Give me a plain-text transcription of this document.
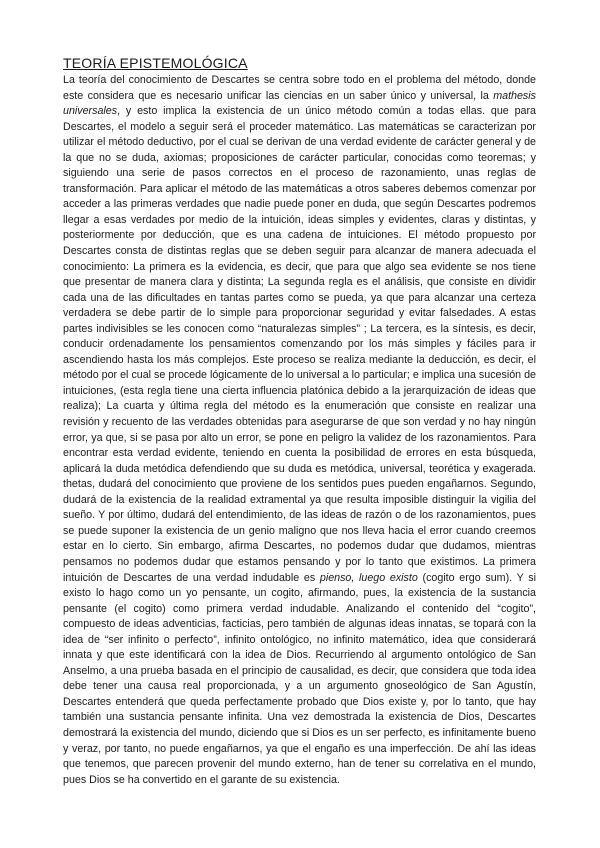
TEORÍA EPISTEMOLÓGICA

La teoría del conocimiento de Descartes se centra sobre todo en el problema del método, donde este considera que es necesario unificar las ciencias en un saber único y universal, la mathesis universales, y esto implica la existencia de un único método común a todas ellas. que para Descartes, el modelo a seguir será el proceder matemático. Las matemáticas se caracterizan por utilizar el método deductivo, por el cual se derivan de una verdad evidente de carácter general y de la que no se duda, axiomas; proposiciones de carácter particular, conocidas como teoremas; y siguiendo una serie de pasos correctos en el proceso de razonamiento, unas reglas de transformación. Para aplicar el método de las matemáticas a otros saberes debemos comenzar por acceder a las primeras verdades que nadie puede poner en duda, que según Descartes podremos llegar a esas verdades por medio de la intuición, ideas simples y evidentes, claras y distintas, y posteriormente por deducción, que es una cadena de intuiciones. El método propuesto por Descartes consta de distintas reglas que se deben seguir para alcanzar de manera adecuada el conocimiento: La primera es la evidencia, es decir, que para que algo sea evidente se nos tiene que presentar de manera clara y distinta; La segunda regla es el análisis, que consiste en dividir cada una de las dificultades en tantas partes como se pueda, ya que para alcanzar una certeza verdadera se debe partir de lo simple para proporcionar seguridad y evitar falsedades. A estas partes indivisibles se les conocen como “naturalezas simples” ; La tercera, es la síntesis, es decir, conducir ordenadamente los pensamientos comenzando por los más simples y fáciles para ir ascendiendo hasta los más complejos. Este proceso se realiza mediante la deducción, es decir, el método por el cual se procede lógicamente de lo universal a lo particular; e implica una sucesión de intuiciones, (esta regla tiene una cierta influencia platónica debido a la jerarquización de ideas que realiza); La cuarta y última regla del método es la enumeración que consiste en realizar una revisión y recuento de las verdades obtenidas para asegurarse de que son verdad y no hay ningún error, ya que, si se pasa por alto un error, se pone en peligro la validez de los razonamientos. Para encontrar esta verdad evidente, teniendo en cuenta la posibilidad de errores en esta búsqueda, aplicará la duda metódica defendiendo que su duda es metódica, universal, teorética y exagerada. thetas, dudará del conocimiento que proviene de los sentidos pues pueden engañarnos. Segundo, dudará de la existencia de la realidad extramental ya que resulta imposible distinguir la vigilia del sueño. Y por último, dudará del entendimiento, de las ideas de razón o de los razonamientos, pues se puede suponer la existencia de un genio maligno que nos lleva hacia el error cuando creemos estar en lo cierto. Sin embargo, afirma Descartes, no podemos dudar que dudamos, mientras pensamos no podemos dudar que estamos pensando y por lo tanto que existimos. La primera intuición de Descartes de una verdad indudable es pienso, luego existo (cogito ergo sum). Y si existo lo hago como un yo pensante, un cogito, afirmando, pues, la existencia de la sustancia pensante (el cogito) como primera verdad indudable. Analizando el contenido del “cogito”, compuesto de ideas adventicias, facticias, pero también de algunas ideas innatas, se topará con la idea de “ser infinito o perfecto”, infinito ontológico, no infinito matemático, idea que considerará innata y que este identificará con la idea de Dios. Recurriendo al argumento ontológico de San Anselmo, a una prueba basada en el principio de causalidad, es decir, que considera que toda idea debe tener una causa real proporcionada, y a un argumento gnoseológico de San Agustín, Descartes entenderá que queda perfectamente probado que Dios existe y, por lo tanto, que hay también una sustancia pensante infinita. Una vez demostrada la existencia de Dios, Descartes demostrará la existencia del mundo, diciendo que si Dios es un ser perfecto, es infinitamente bueno y veraz, por tanto, no puede engañarnos, ya que el engaño es una imperfección. De ahí las ideas que tenemos, que parecen provenir del mundo externo, han de tener su correlativa en el mundo, pues Dios se ha convertido en el garante de su existencia.
